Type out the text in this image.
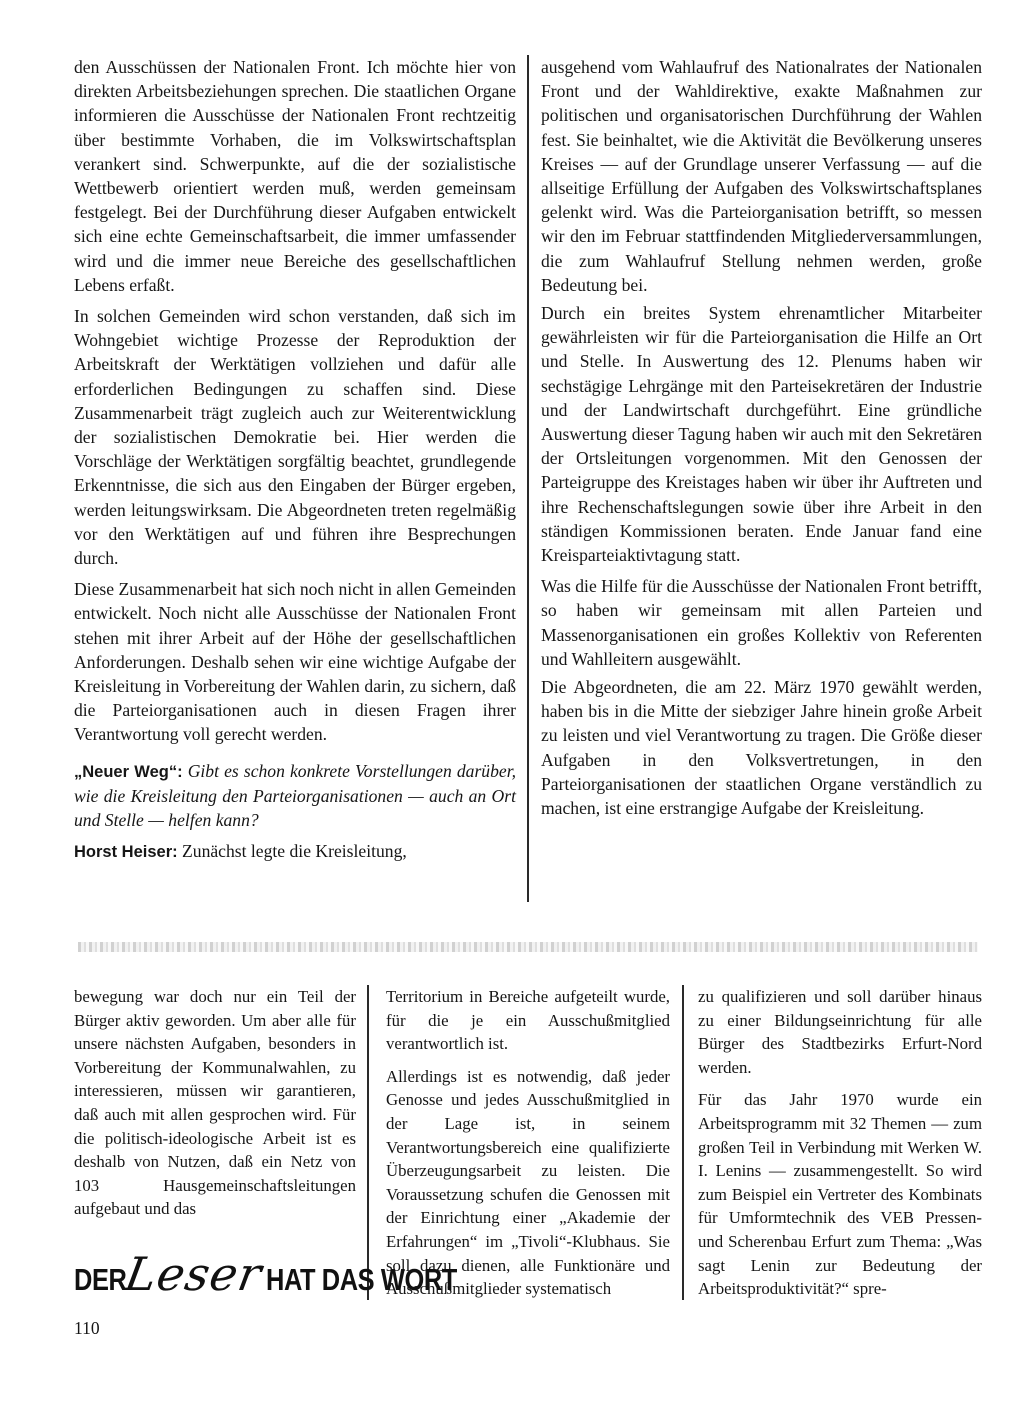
den Ausschüssen der Nationalen Front. Ich möchte hier von direkten Arbeitsbeziehungen sprechen. Die staatlichen Organe informieren die Ausschüsse der Nationalen Front rechtzeitig über bestimmte Vorhaben, die im Volkswirtschaftsplan verankert sind. Schwerpunkte, auf die der sozialistische Wettbewerb orientiert werden muß, werden gemeinsam festgelegt. Bei der Durchführung dieser Aufgaben entwickelt sich eine echte Gemeinschaftsarbeit, die immer umfassender wird und die immer neue Bereiche des gesellschaftlichen Lebens erfaßt.

In solchen Gemeinden wird schon verstanden, daß sich im Wohngebiet wichtige Prozesse der Reproduktion der Arbeitskraft der Werktätigen vollziehen und dafür alle erforderlichen Bedingungen zu schaffen sind. Diese Zusammenarbeit trägt zugleich auch zur Weiterentwicklung der sozialistischen Demokratie bei. Hier werden die Vorschläge der Werktätigen sorgfältig beachtet, grundlegende Erkenntnisse, die sich aus den Eingaben der Bürger ergeben, werden leitungswirksam. Die Abgeordneten treten regelmäßig vor den Werktätigen auf und führen ihre Besprechungen durch.

Diese Zusammenarbeit hat sich noch nicht in allen Gemeinden entwickelt. Noch nicht alle Ausschüsse der Nationalen Front stehen mit ihrer Arbeit auf der Höhe der gesellschaftlichen Anforderungen. Deshalb sehen wir eine wichtige Aufgabe der Kreisleitung in Vorbereitung der Wahlen darin, zu sichern, daß die Parteiorganisationen auch in diesen Fragen ihrer Verantwortung voll gerecht werden.

„Neuer Weg“: Gibt es schon konkrete Vorstellungen darüber, wie die Kreisleitung den Parteiorganisationen — auch an Ort und Stelle — helfen kann?

Horst Heiser: Zunächst legte die Kreisleitung,

ausgehend vom Wahlaufruf des Nationalrates der Nationalen Front und der Wahldirektive, exakte Maßnahmen zur politischen und organisatorischen Durchführung der Wahlen fest. Sie beinhaltet, wie die Aktivität die Bevölkerung unseres Kreises — auf der Grundlage unserer Verfassung — auf die allseitige Erfüllung der Aufgaben des Volkswirtschaftsplanes gelenkt wird. Was die Parteiorganisation betrifft, so messen wir den im Februar stattfindenden Mitgliederversammlungen, die zum Wahlaufruf Stellung nehmen werden, große Bedeutung bei.

Durch ein breites System ehrenamtlicher Mitarbeiter gewährleisten wir für die Parteiorganisation die Hilfe an Ort und Stelle. In Auswertung des 12. Plenums haben wir sechstägige Lehrgänge mit den Parteisekretären der Industrie und der Landwirtschaft durchgeführt. Eine gründliche Auswertung dieser Tagung haben wir auch mit den Sekretären der Ortsleitungen vorgenommen. Mit den Genossen der Parteigruppe des Kreistages haben wir über ihr Auftreten und ihre Rechenschaftslegungen sowie über ihre Arbeit in den ständigen Kommissionen beraten. Ende Januar fand eine Kreisparteiaktivtagung statt.

Was die Hilfe für die Ausschüsse der Nationalen Front betrifft, so haben wir gemeinsam mit allen Parteien und Massenorganisationen ein großes Kollektiv von Referenten und Wahlleitern ausgewählt.

Die Abgeordneten, die am 22. März 1970 gewählt werden, haben bis in die Mitte der siebziger Jahre hinein große Arbeit zu leisten und viel Verantwortung zu tragen. Die Größe dieser Aufgaben in den Volksvertretungen, in den Parteiorganisationen der staatlichen Organe verständlich zu machen, ist eine erstrangige Aufgabe der Kreisleitung.

bewegung war doch nur ein Teil der Bürger aktiv geworden. Um aber alle für unsere nächsten Aufgaben, besonders in Vorbereitung der Kommunalwahlen, zu interessieren, müssen wir garantieren, daß auch mit allen gesprochen wird. Für die politisch-ideologische Arbeit ist es deshalb von Nutzen, daß ein Netz von 103 Hausgemeinschaftsleitungen aufgebaut und das

Territorium in Bereiche aufgeteilt wurde, für die je ein Ausschußmitglied verantwortlich ist.

Allerdings ist es notwendig, daß jeder Genosse und jedes Ausschußmitglied in der Lage ist, in seinem Verantwortungsbereich eine qualifizierte Überzeugungsarbeit zu leisten. Die Voraussetzung schufen die Genossen mit der Einrichtung einer „Akademie der Erfahrungen“ im „Tivoli“-Klubhaus. Sie soll dazu dienen, alle Funktionäre und Ausschußmitglieder systematisch

zu qualifizieren und soll darüber hinaus zu einer Bildungseinrichtung für alle Bürger des Stadtbezirks Erfurt-Nord werden.

Für das Jahr 1970 wurde ein Arbeitsprogramm mit 32 Themen — zum großen Teil in Verbindung mit Werken W. I. Lenins — zusammengestellt. So wird zum Beispiel ein Vertreter des Kombinats für Umformtechnik des VEB Pressen- und Scherenbau Erfurt zum Thema: „Was sagt Lenin zur Bedeutung der Arbeitsproduktivität?“ spre-

DER
Leser HAT DAS WORT
110
